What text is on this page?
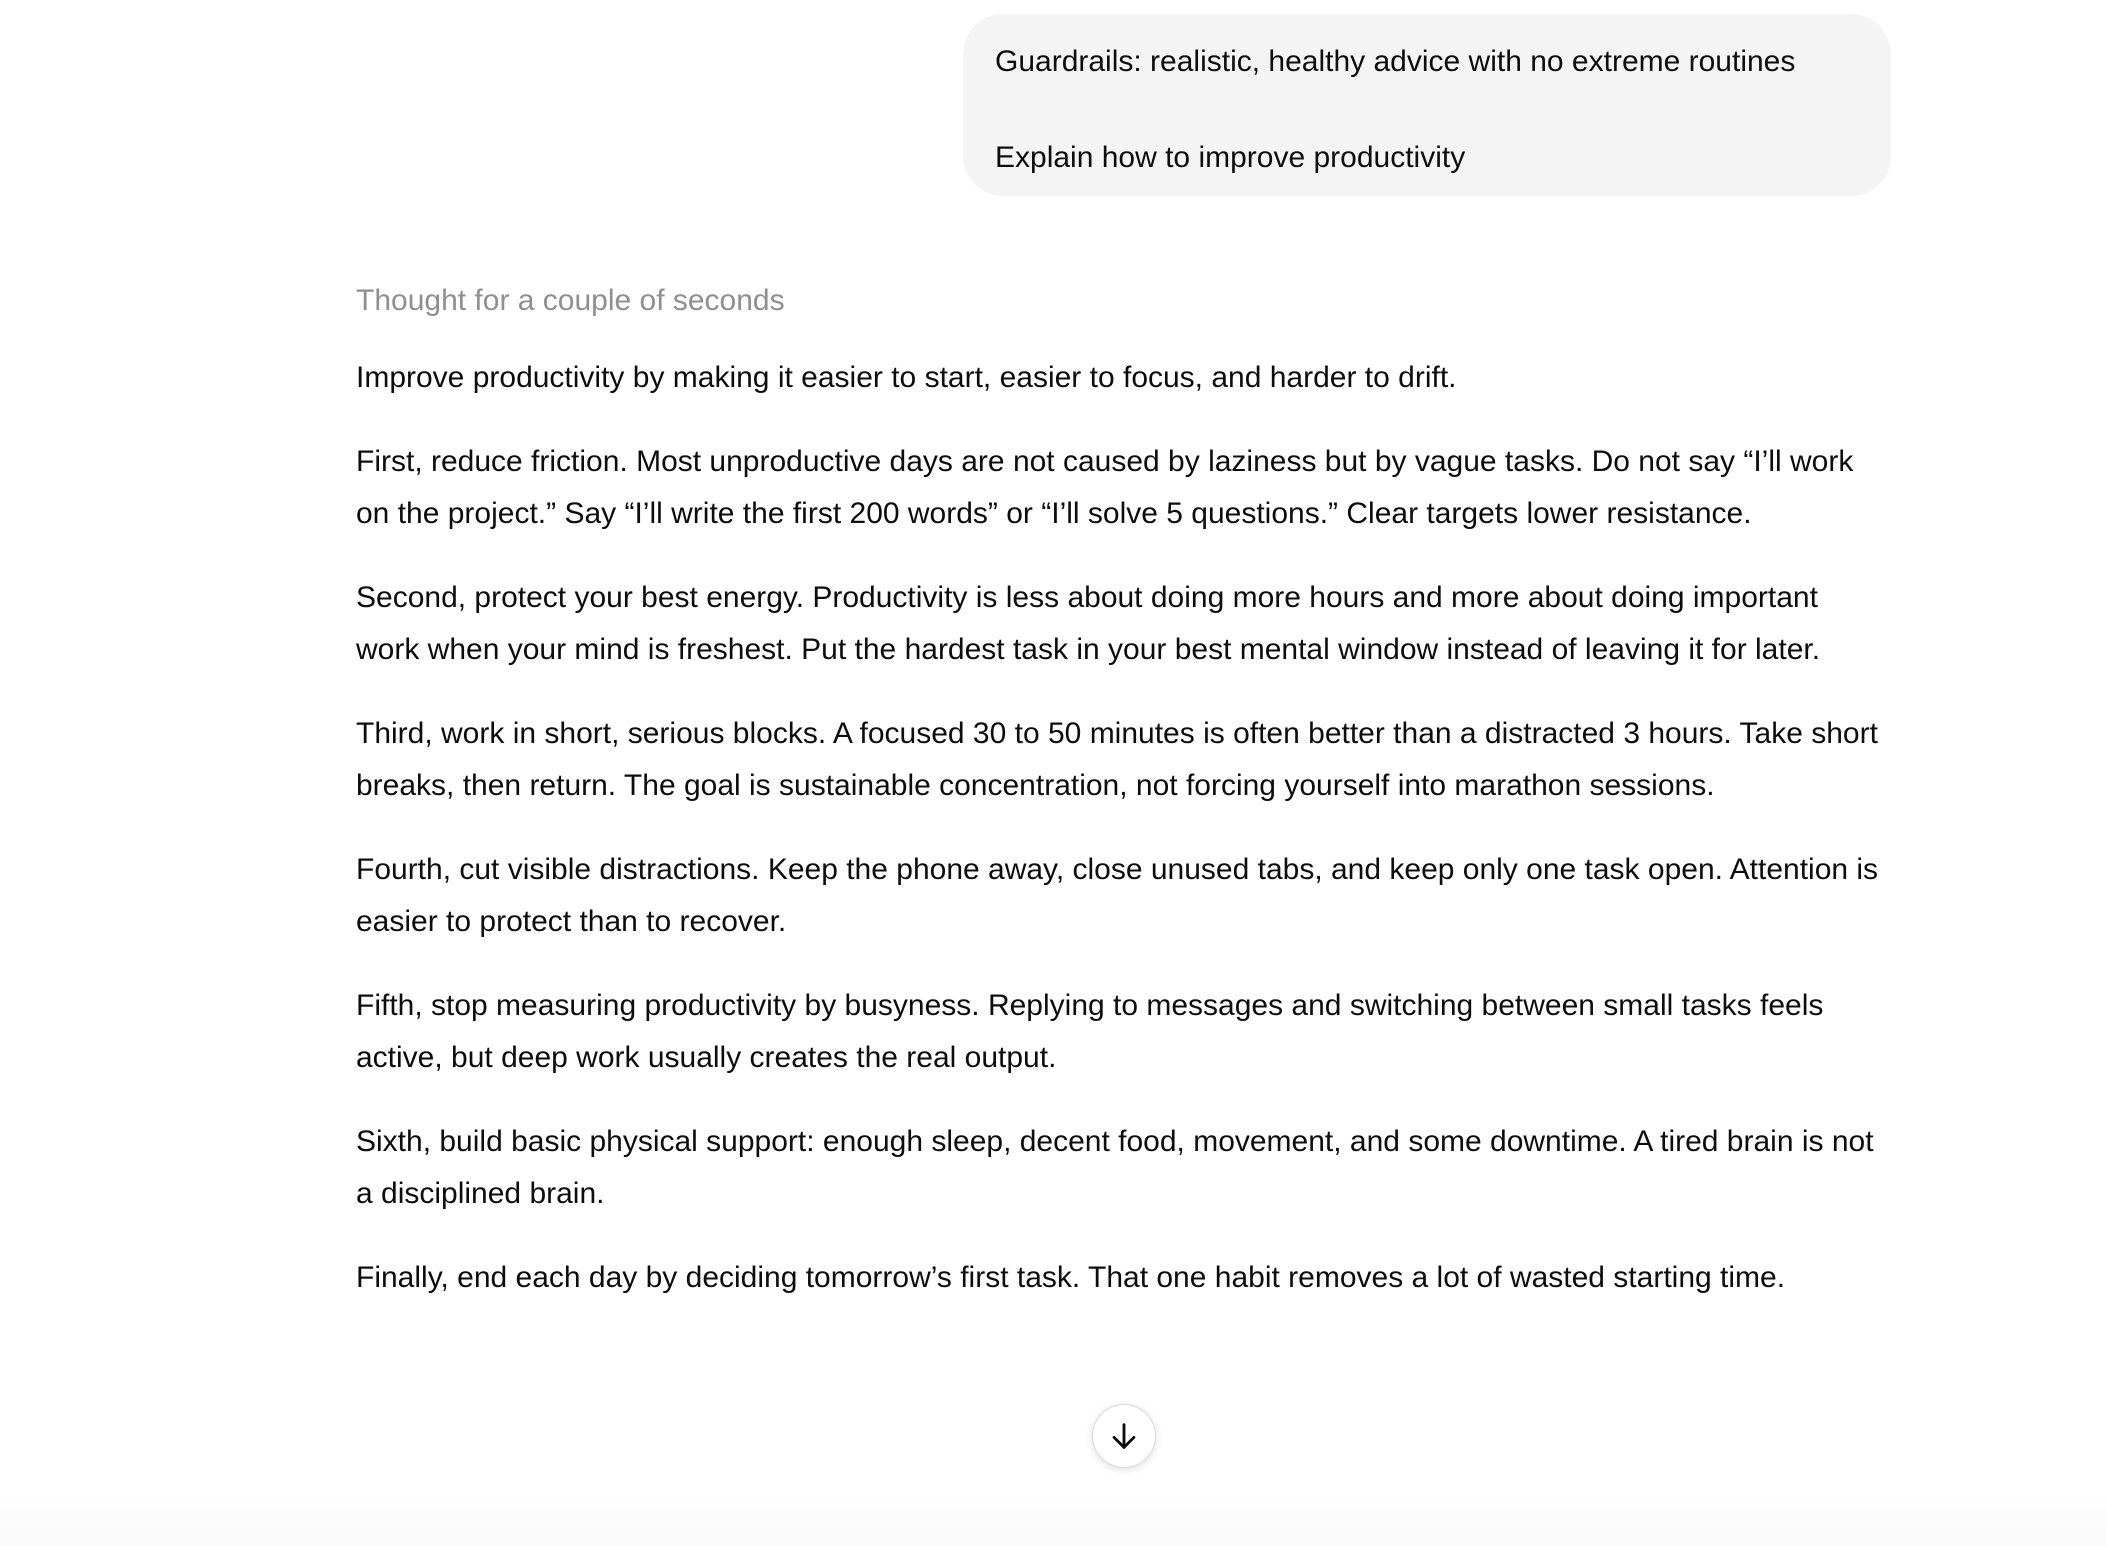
Guardrails: realistic, healthy advice with no extreme routines

Explain how to improve productivity

Thought for a couple of seconds

Improve productivity by making it easier to start, easier to focus, and harder to drift.

First, reduce friction. Most unproductive days are not caused by laziness but by vague tasks. Do not say “I’ll work on the project.” Say “I’ll write the first 200 words” or “I’ll solve 5 questions.” Clear targets lower resistance.

Second, protect your best energy. Productivity is less about doing more hours and more about doing important work when your mind is freshest. Put the hardest task in your best mental window instead of leaving it for later.

Third, work in short, serious blocks. A focused 30 to 50 minutes is often better than a distracted 3 hours. Take short breaks, then return. The goal is sustainable concentration, not forcing yourself into marathon sessions.

Fourth, cut visible distractions. Keep the phone away, close unused tabs, and keep only one task open. Attention is easier to protect than to recover.

Fifth, stop measuring productivity by busyness. Replying to messages and switching between small tasks feels active, but deep work usually creates the real output.

Sixth, build basic physical support: enough sleep, decent food, movement, and some downtime. A tired brain is not a disciplined brain.

Finally, end each day by deciding tomorrow’s first task. That one habit removes a lot of wasted starting time.
